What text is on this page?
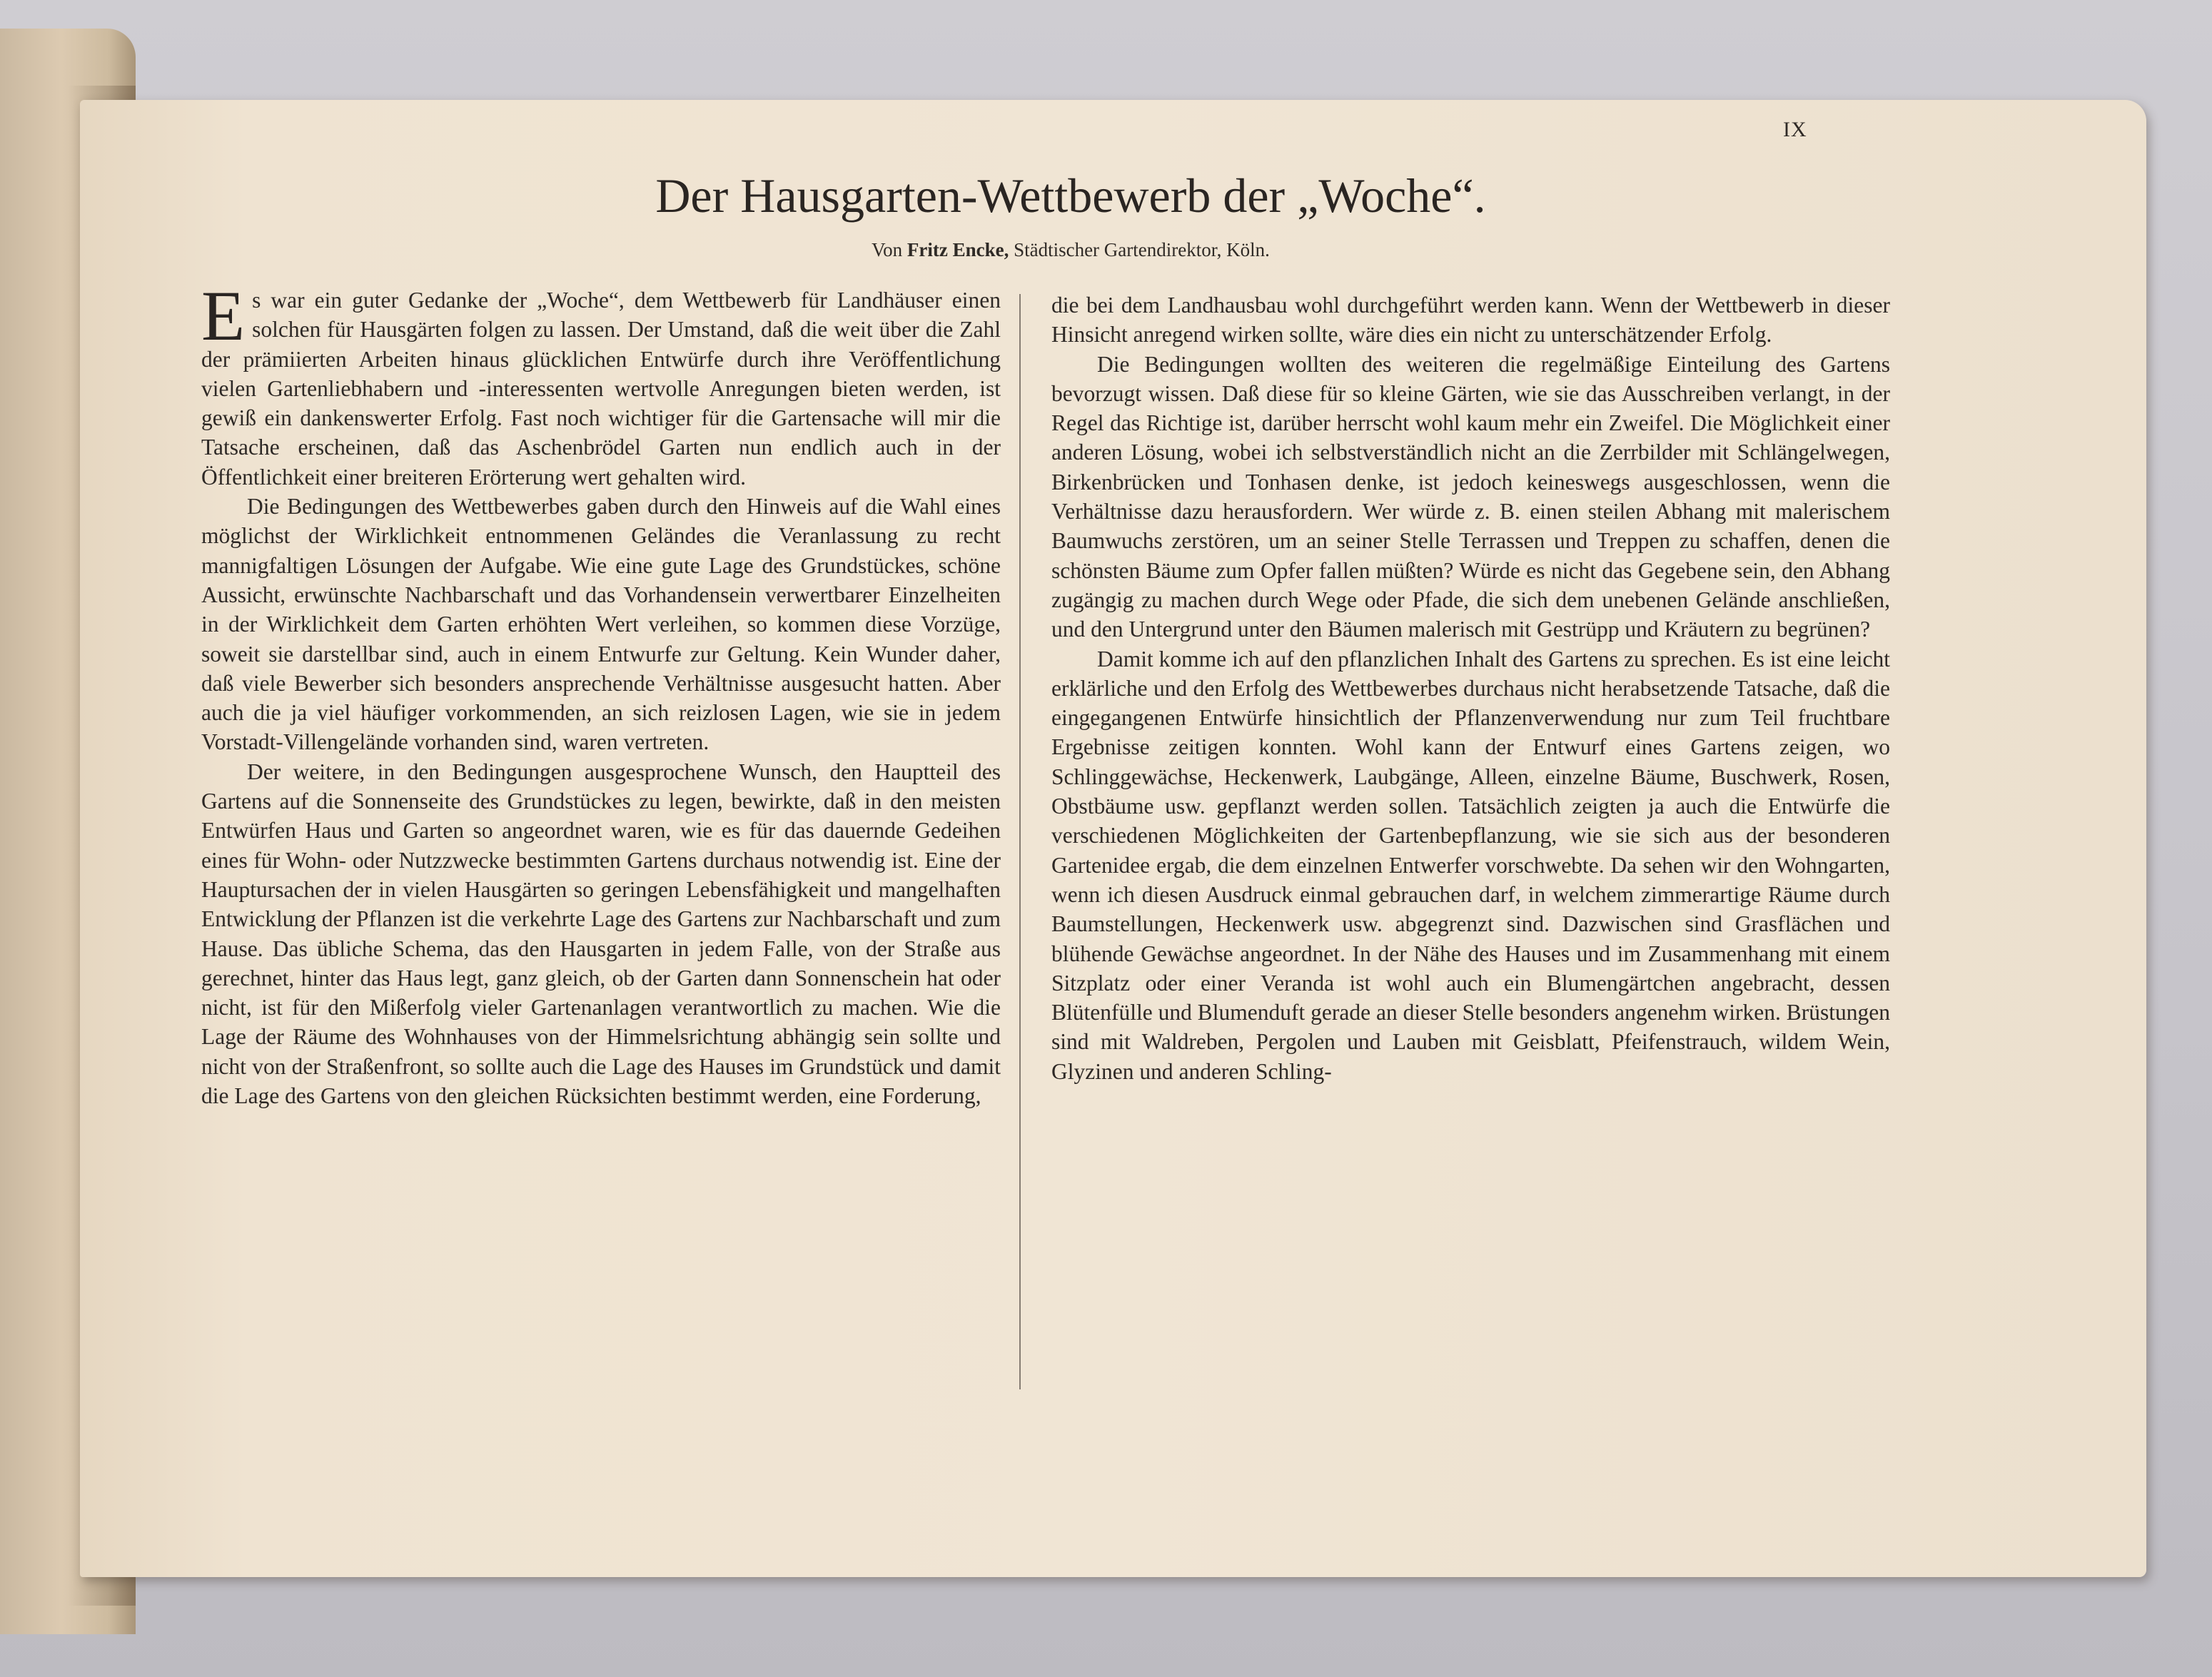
IX
Der Hausgarten-Wettbewerb der „Woche“.
Von Fritz Encke, Städtischer Gartendirektor, Köln.

Es war ein guter Gedanke der „Woche“, dem Wettbewerb für Landhäuser einen solchen für Hausgärten folgen zu lassen. Der Umstand, daß die weit über die Zahl der prämiierten Arbeiten hinaus glücklichen Entwürfe durch ihre Veröffentlichung vielen Gartenliebhabern und -interessenten wertvolle Anregungen bieten werden, ist gewiß ein dankenswerter Erfolg. Fast noch wichtiger für die Gartensache will mir die Tatsache erscheinen, daß das Aschenbrödel Garten nun endlich auch in der Öffentlichkeit einer breiteren Erörterung wert gehalten wird.

Die Bedingungen des Wettbewerbes gaben durch den Hinweis auf die Wahl eines möglichst der Wirklichkeit entnommenen Geländes die Veranlassung zu recht mannigfaltigen Lösungen der Aufgabe. Wie eine gute Lage des Grundstückes, schöne Aussicht, erwünschte Nachbarschaft und das Vorhandensein verwertbarer Einzelheiten in der Wirklichkeit dem Garten erhöhten Wert verleihen, so kommen diese Vorzüge, soweit sie darstellbar sind, auch in einem Entwurfe zur Geltung. Kein Wunder daher, daß viele Bewerber sich besonders ansprechende Verhältnisse ausgesucht hatten. Aber auch die ja viel häufiger vorkommenden, an sich reizlosen Lagen, wie sie in jedem Vorstadt-Villengelände vorhanden sind, waren vertreten.

Der weitere, in den Bedingungen ausgesprochene Wunsch, den Hauptteil des Gartens auf die Sonnenseite des Grundstückes zu legen, bewirkte, daß in den meisten Entwürfen Haus und Garten so angeordnet waren, wie es für das dauernde Gedeihen eines für Wohn- oder Nutzzwecke bestimmten Gartens durchaus notwendig ist. Eine der Hauptursachen der in vielen Hausgärten so geringen Lebensfähigkeit und mangelhaften Entwicklung der Pflanzen ist die verkehrte Lage des Gartens zur Nachbarschaft und zum Hause. Das übliche Schema, das den Hausgarten in jedem Falle, von der Straße aus gerechnet, hinter das Haus legt, ganz gleich, ob der Garten dann Sonnenschein hat oder nicht, ist für den Mißerfolg vieler Gartenanlagen verantwortlich zu machen. Wie die Lage der Räume des Wohnhauses von der Himmelsrichtung abhängig sein sollte und nicht von der Straßenfront, so sollte auch die Lage des Hauses im Grundstück und damit die Lage des Gartens von den gleichen Rücksichten bestimmt werden, eine Forderung,

die bei dem Landhausbau wohl durchgeführt werden kann. Wenn der Wettbewerb in dieser Hinsicht anregend wirken sollte, wäre dies ein nicht zu unterschätzender Erfolg.

Die Bedingungen wollten des weiteren die regelmäßige Einteilung des Gartens bevorzugt wissen. Daß diese für so kleine Gärten, wie sie das Ausschreiben verlangt, in der Regel das Richtige ist, darüber herrscht wohl kaum mehr ein Zweifel. Die Möglichkeit einer anderen Lösung, wobei ich selbstverständlich nicht an die Zerrbilder mit Schlängelwegen, Birkenbrücken und Tonhasen denke, ist jedoch keineswegs ausgeschlossen, wenn die Verhältnisse dazu herausfordern. Wer würde z. B. einen steilen Abhang mit malerischem Baumwuchs zerstören, um an seiner Stelle Terrassen und Treppen zu schaffen, denen die schönsten Bäume zum Opfer fallen müßten? Würde es nicht das Gegebene sein, den Abhang zugängig zu machen durch Wege oder Pfade, die sich dem unebenen Gelände anschließen, und den Untergrund unter den Bäumen malerisch mit Gestrüpp und Kräutern zu begrünen?

Damit komme ich auf den pflanzlichen Inhalt des Gartens zu sprechen. Es ist eine leicht erklärliche und den Erfolg des Wettbewerbes durchaus nicht herabsetzende Tatsache, daß die eingegangenen Entwürfe hinsichtlich der Pflanzenverwendung nur zum Teil fruchtbare Ergebnisse zeitigen konnten. Wohl kann der Entwurf eines Gartens zeigen, wo Schlinggewächse, Heckenwerk, Laubgänge, Alleen, einzelne Bäume, Buschwerk, Rosen, Obstbäume usw. gepflanzt werden sollen. Tatsächlich zeigten ja auch die Entwürfe die verschiedenen Möglichkeiten der Gartenbepflanzung, wie sie sich aus der besonderen Gartenidee ergab, die dem einzelnen Entwerfer vorschwebte. Da sehen wir den Wohngarten, wenn ich diesen Ausdruck einmal gebrauchen darf, in welchem zimmerartige Räume durch Baumstellungen, Heckenwerk usw. abgegrenzt sind. Dazwischen sind Grasflächen und blühende Gewächse angeordnet. In der Nähe des Hauses und im Zusammenhang mit einem Sitzplatz oder einer Veranda ist wohl auch ein Blumengärtchen angebracht, dessen Blütenfülle und Blumenduft gerade an dieser Stelle besonders angenehm wirken. Brüstungen sind mit Waldreben, Pergolen und Lauben mit Geisblatt, Pfeifenstrauch, wildem Wein, Glyzinen und anderen Schling-
